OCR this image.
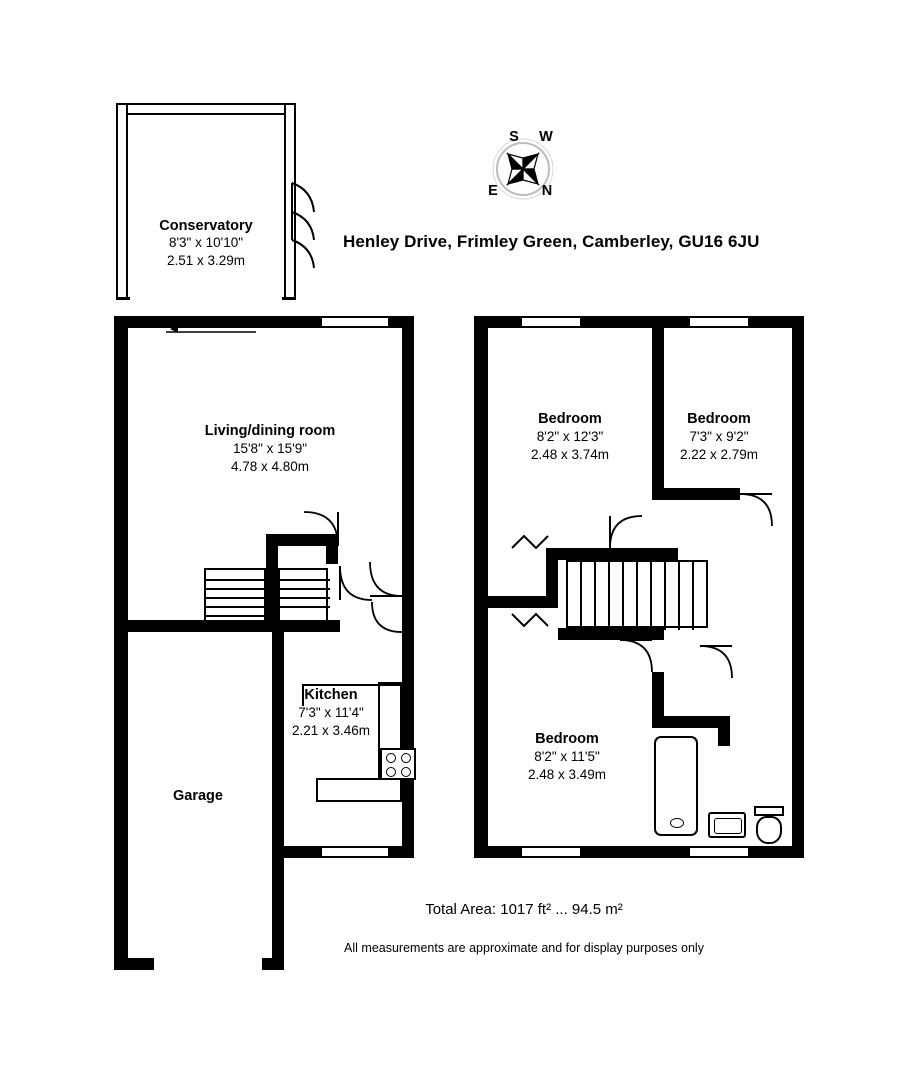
Henley Drive, Frimley Green, Camberley, GU16 6JU
S W
E	N
Conservatory
8'3" x 10'10"
2.51 x 3.29m
Living/dining room
15'8" x 15'9"
4.78 x 4.80m
Kitchen
7'3" x 11'4"
2.21 x 3.46m
Garage
Bedroom
8'2" x 12'3"
2.48 x 3.74m
Bedroom
7'3" x 9'2"
2.22 x 2.79m
Bedroom
8'2" x 11'5"
2.48 x 3.49m
Total Area: 1017 ft² ... 94.5 m²
All measurements are approximate and for display purposes only
